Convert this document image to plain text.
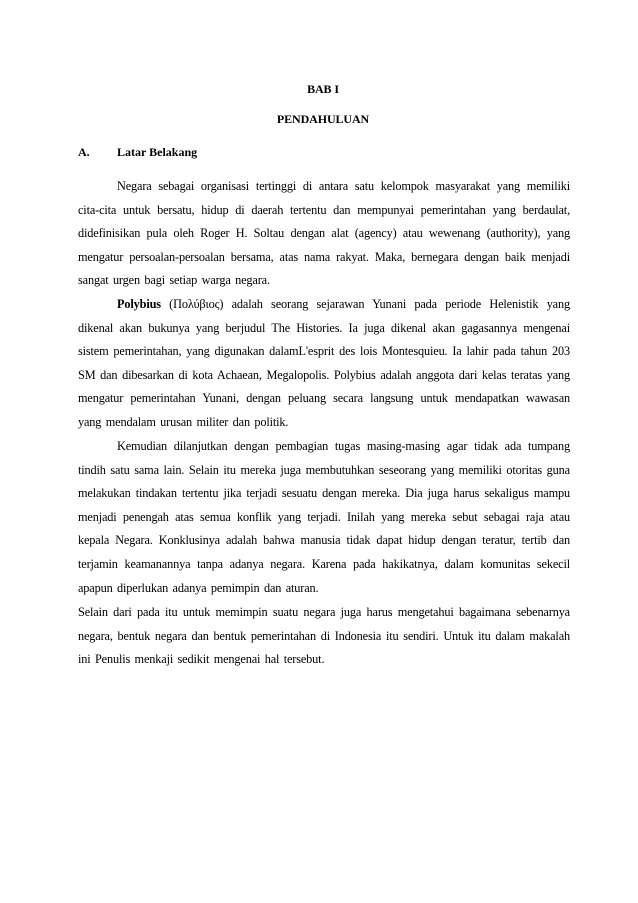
BAB I
PENDAHULUAN
A. Latar Belakang

Negara sebagai organisasi tertinggi di antara satu kelompok masyarakat yang memiliki cita-cita untuk bersatu, hidup di daerah tertentu dan mempunyai pemerintahan yang berdaulat, didefinisikan pula oleh Roger H. Soltau dengan alat (agency) atau wewenang (authority), yang mengatur persoalan-persoalan bersama, atas nama rakyat. Maka, bernegara dengan baik menjadi sangat urgen bagi setiap warga negara.

Polybius (Πολύβιος) adalah seorang sejarawan Yunani pada periode Helenistik yang dikenal akan bukunya yang berjudul The Histories. Ia juga dikenal akan gagasannya mengenai sistem pemerintahan, yang digunakan dalamL'esprit des lois Montesquieu. Ia lahir pada tahun 203 SM dan dibesarkan di kota Achaean, Megalopolis. Polybius adalah anggota dari kelas teratas yang mengatur pemerintahan Yunani, dengan peluang secara langsung untuk mendapatkan wawasan yang mendalam urusan militer dan politik.

Kemudian dilanjutkan dengan pembagian tugas masing-masing agar tidak ada tumpang tindih satu sama lain. Selain itu mereka juga membutuhkan seseorang yang memiliki otoritas guna melakukan tindakan tertentu jika terjadi sesuatu dengan mereka. Dia juga harus sekaligus mampu menjadi penengah atas semua konflik yang terjadi. Inilah yang mereka sebut sebagai raja atau kepala Negara. Konklusinya adalah bahwa manusia tidak dapat hidup dengan teratur, tertib dan terjamin keamanannya tanpa adanya negara. Karena pada hakikatnya, dalam komunitas sekecil apapun diperlukan adanya pemimpin dan aturan.

Selain dari pada itu untuk memimpin suatu negara juga harus mengetahui bagaimana sebenarnya negara, bentuk negara dan bentuk pemerintahan di Indonesia itu sendiri. Untuk itu dalam makalah ini Penulis menkaji sedikit mengenai hal tersebut.
